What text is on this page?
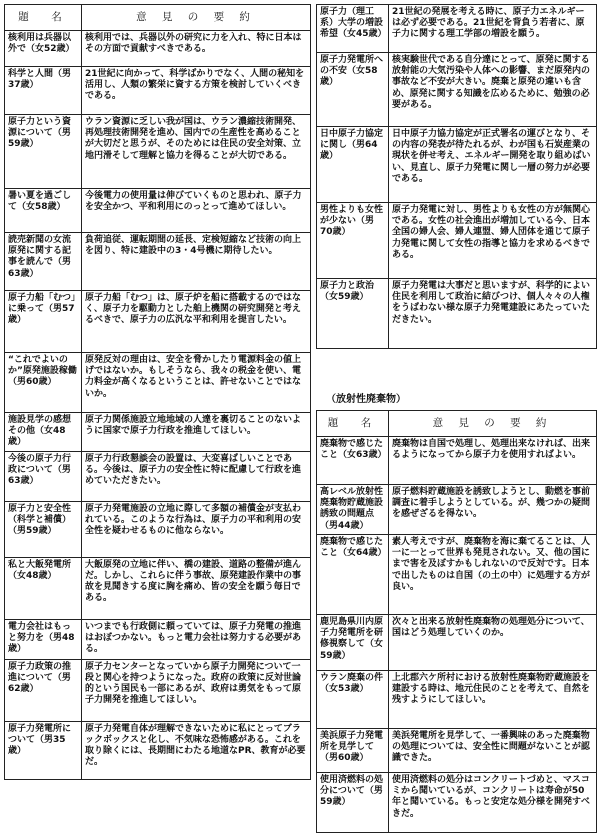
題　名	意 見 の 要 約
核利用は兵器以外で（女52歳）	核利用では、兵器以外の研究に力を入れ、特に日本はその方面で貢献すべきである。
科学と人間（男37歳）	21世紀に向かって、科学ばかりでなく、人間の秘知を活用し、人類の繁栄に資する方策を検討していくべきである。
原子力という資源について（男59歳）	ウラン資源に乏しい我が国は、ウラン濃縮技術開発、再処理技術開発を進め、国内での生産性を高めることが大切だと思うが、そのためには住民の安全対策、立地円滑そして理解と協力を得ることが大切である。
暑い夏を過ごして（女58歳）	今後電力の使用量は伸びていくものと思われ、原子力を安全かつ、平和利用にのっとって進めてほしい。
読売新聞の女流原発に関する記事を読んで（男63歳）	負荷追従、運転期間の延長、定検短縮など技術の向上を図り、特に建設中の3・4号機に期待したい。
原子力船「むつ」に乗って（男57歳）	原子力船「むつ」は、原子炉を船に搭載するのではなく、原子力を駆動力とした舶上機関の研究開発と考えるべきで、原子力の広汎な平和利用を提言したい。
“これでよいのか”原発施設稼働（男60歳）	原発反対の理由は、安全を脅かしたり電源料金の値上げではないか。もしそうなら、我々の税金を使い、電力料金が高くなるということは、許せないことではないか。
施設見学の感想その他（女48歳）	原子力関係施設立地地域の人達を裏切ることのないように国家で原子力行政を推進してほしい。
今後の原子力行政について（男63歳）	原子力行政懇談会の設置は、大変喜ばしいことである。今後は、原子力の安全性に特に配慮して行政を進めていただきたい。
原子力と安全性（科学と補償）（男59歳）	原子力発電施設の立地に際して多額の補償金が支払われている。このような行為は、原子力の平和利用の安全性を疑わせるものに他ならない。
私と大飯発電所（女48歳）	大飯原発の立地に伴い、橋の建設、道路の整備が進んだ。しかし、これらに伴う事故、原発建設作業中の事故を見聞きする度に胸を痛め、皆の安全を願う毎日である。
電力会社はもっと努力を（男48歳）	いつまでも行政側に頼っていては、原子力発電の推進はおぼつかない。もっと電力会社は努力する必要がある。
原子力政策の推進について（男62歳）	原子力センターとなっていから原子力開発について一段と関心を持つようになった。政府の政策に反対世論的という国民も一部にあるが、政府は勇気をもって原子力開発を推進してほしい。
原子力発電所について（男35歳）	原子力発電自体が理解できないために私にとってブラックボックスと化し、不気味な恐怖感がある。これを取り除くには、長期間にわたる地道なPR、教育が必要だ。
原子力（理工系）大学の増設希望（女45歳）	21世紀の発展を考える時に、原子力エネルギーは必ず必要である。21世紀を背負う若者に、原子力に関する理工学部の増設を願う。
原子力発電所への不安（女58歳）	核実験世代である自分達にとって、原発に関する放射能の大気汚染や人体への影響、まだ原発内の事故など不安が大きい。廃棄と原発の違いも含め、原発に関する知識を広めるために、勉強の必要がある。
日中原子力協定に関し（男64歳）	日中原子力協力協定が正式署名の運びとなり、その内容の発表が待たれるが、わが国も石炭産業の現状を併せ考え、エネルギー開発を取り組めばいい、見直し、原子力発電に関し一層の努力が必要である。
男性よりも女性が少ない（男70歳）	原子力発電に対し、男性よりも女性の方が無関心である。女性の社会進出が増加している今、日本全国の婦人会、婦人連盟、婦人団体を通じて原子力発電に関して女性の指導と協力を求めるべきである。
原子力と政治（女59歳）	原子力発電は大事だと思いますが、科学的によい住民を利用して政治に結びつけ、個人々々の人権をうばわない様な原子力発電建設にあたっていただきたい。
（放射性廃棄物）
題　名	意 見 の 要 約
廃棄物で感じたこと（女63歳）	廃棄物は自国で処理し、処理出来なければ、出来るようになってから原子力を使用すればよい。
高レベル放射性廃棄物貯蔵施設誘致の問題点（男44歳）	原子燃料貯蔵施設を誘致しようとし、動燃を事前調査に着手しようとしている。が、幾つかの疑問を感ぜざるを得ない。
廃棄物で感じたこと（女64歳）	素人考えですが、廃棄物を海に棄てることは、人一に一とって世界も発見されない。又、他の国にまで害を及ぼすかもしれないので反対です。日本で出したものは自国（の土の中）に処理する方が良い。
鹿児島県川内原子力発電所を研修視察して（女59歳）	次々と出来る放射性廃棄物の処理処分について、国はどう処理していくのか。
ウラン廃棄の件（女53歳）	上北郡六ケ所村における放射性廃棄物貯蔵施設を建設する時は、地元住民のことを考えて、自然を残すようにしてほしい。
美浜原子力発電所を見学して（男60歳）	美浜発電所を見学して、一番興味のあった廃棄物の処理については、安全性に問題がないことが認識できた。
使用済燃料の処分について（男59歳）	使用済燃料の処分はコンクリートづめと、マスコミから聞いているが、コンクリートは寿命が50年と聞いている。もっと安定な処分様を開発すべきだ。
